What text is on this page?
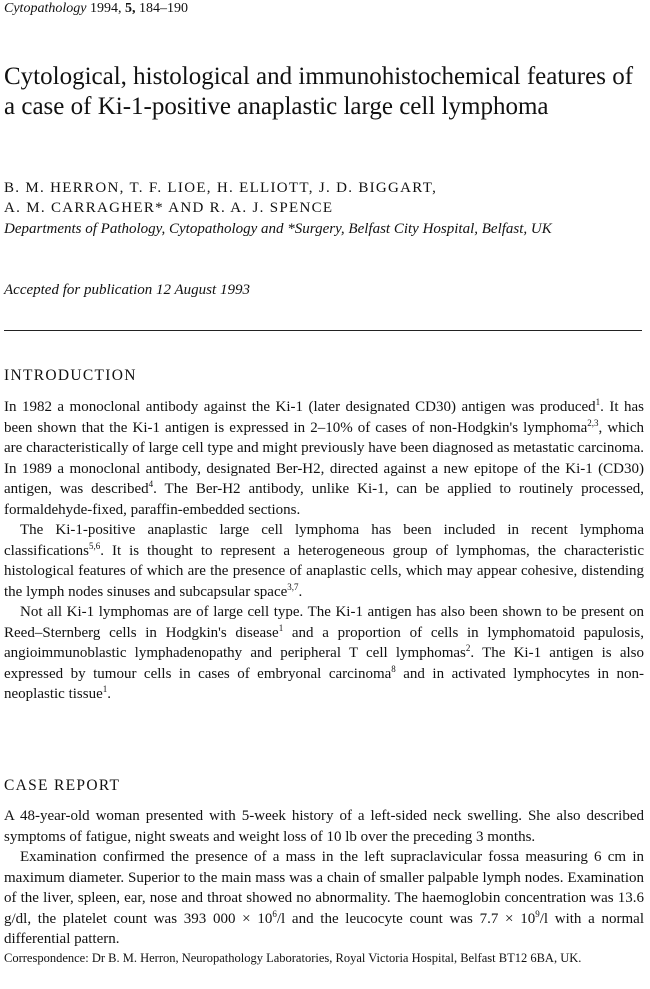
Cytopathology 1994, 5, 184–190
Cytological, histological and immunohistochemical features of a case of Ki-1-positive anaplastic large cell lymphoma
B. M. HERRON, T. F. LIOE, H. ELLIOTT, J. D. BIGGART,
A. M. CARRAGHER* AND R. A. J. SPENCE
Departments of Pathology, Cytopathology and *Surgery, Belfast City Hospital, Belfast, UK
Accepted for publication 12 August 1993
INTRODUCTION

In 1982 a monoclonal antibody against the Ki-1 (later designated CD30) antigen was produced$^1$. It has been shown that the Ki-1 antigen is expressed in 2–10% of cases of non-Hodgkin's lymphoma$^{2,3}$, which are characteristically of large cell type and might previously have been diagnosed as metastatic carcinoma. In 1989 a monoclonal antibody, designated Ber-H2, directed against a new epitope of the Ki-1 (CD30) antigen, was described$^4$. The Ber-H2 antibody, unlike Ki-1, can be applied to routinely processed, formaldehyde-fixed, paraffin-embedded sections.

The Ki-1-positive anaplastic large cell lymphoma has been included in recent lymphoma classifications$^{5,6}$. It is thought to represent a heterogeneous group of lymphomas, the characteristic histological features of which are the presence of anaplastic cells, which may appear cohesive, distending the lymph nodes sinuses and subcapsular space$^{3,7}$.

Not all Ki-1 lymphomas are of large cell type. The Ki-1 antigen has also been shown to be present on Reed–Sternberg cells in Hodgkin's disease$^1$ and a proportion of cells in lymphomatoid papulosis, angioimmunoblastic lymphadenopathy and peripheral T cell lymphomas$^2$. The Ki-1 antigen is also expressed by tumour cells in cases of embryonal carcinoma$^8$ and in activated lymphocytes in non-neoplastic tissue$^1$.

CASE REPORT

A 48-year-old woman presented with 5-week history of a left-sided neck swelling. She also described symptoms of fatigue, night sweats and weight loss of 10 lb over the preceding 3 months.

Examination confirmed the presence of a mass in the left supraclavicular fossa measuring 6 cm in maximum diameter. Superior to the main mass was a chain of smaller palpable lymph nodes. Examination of the liver, spleen, ear, nose and throat showed no abnormality. The haemoglobin concentration was 13.6 g/dl, the platelet count was 393 $000 \times 10^6/l$ and the leucocyte count was $7.7 \times 10^9/l$ with a normal differential pattern.

Correspondence: Dr B. M. Herron, Neuropathology Laboratories, Royal Victoria Hospital, Belfast BT12 6BA, UK.
